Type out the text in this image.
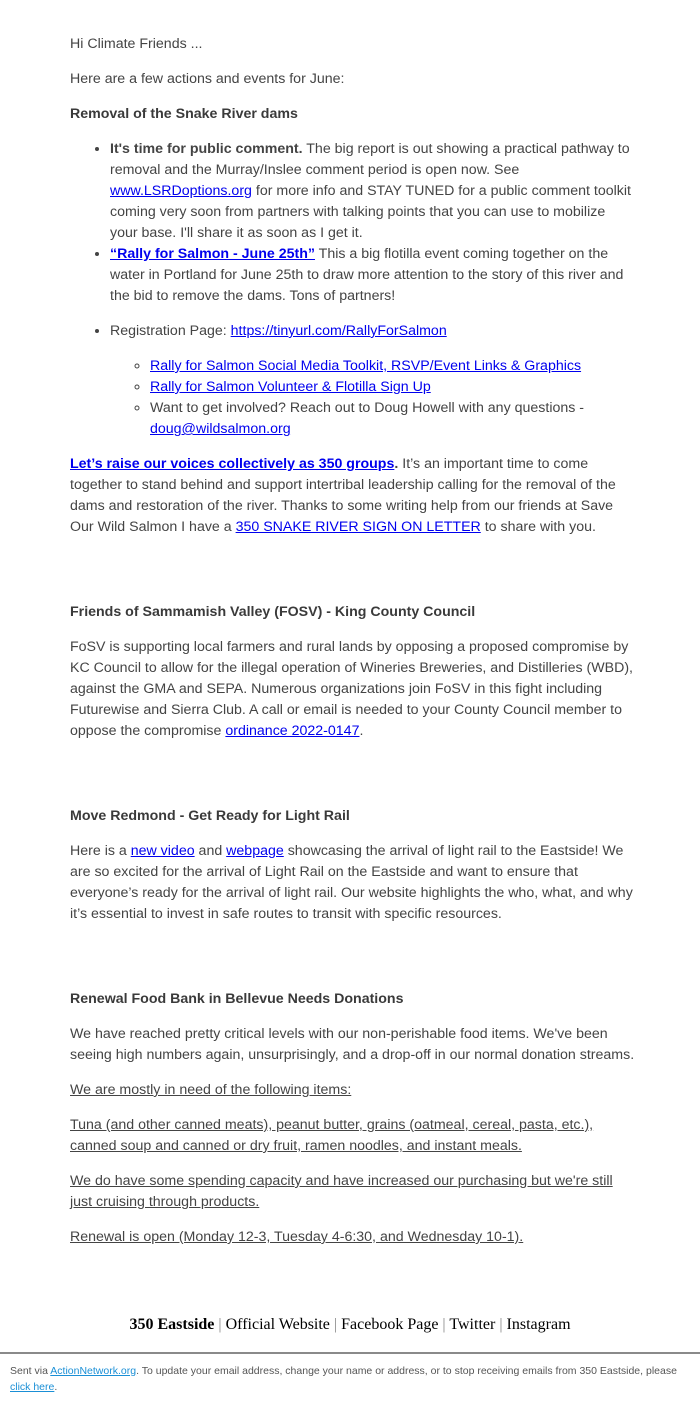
Hi Climate Friends ...

Here are a few actions and events for June:

Removal of the Snake River dams
• It's time for public comment. The big report is out showing a practical pathway to removal and the Murray/Inslee comment period is open now. See www.LSRDoptions.org for more info and STAY TUNED for a public comment toolkit coming very soon from partners with talking points that you can use to mobilize your base. I'll share it as soon as I get it.
• “Rally for Salmon - June 25th” This a big flotilla event coming together on the water in Portland for June 25th to draw more attention to the story of this river and the bid to remove the dams. Tons of partners!
• Registration Page: https://tinyurl.com/RallyForSalmon
◦ Rally for Salmon Social Media Toolkit, RSVP/Event Links & Graphics
◦ Rally for Salmon Volunteer & Flotilla Sign Up
◦ Want to get involved? Reach out to Doug Howell with any questions - doug@wildsalmon.org

Let’s raise our voices collectively as 350 groups. It’s an important time to come together to stand behind and support intertribal leadership calling for the removal of the dams and restoration of the river. Thanks to some writing help from our friends at Save Our Wild Salmon I have a 350 SNAKE RIVER SIGN ON LETTER to share with you.

Friends of Sammamish Valley (FOSV) - King County Council

FoSV is supporting local farmers and rural lands by opposing a proposed compromise by KC Council to allow for the illegal operation of Wineries Breweries, and Distilleries (WBD), against the GMA and SEPA. Numerous organizations join FoSV in this fight including Futurewise and Sierra Club. A call or email is needed to your County Council member to oppose the compromise ordinance 2022-0147.

Move Redmond - Get Ready for Light Rail

Here is a new video and webpage showcasing the arrival of light rail to the Eastside! We are so excited for the arrival of Light Rail on the Eastside and want to ensure that everyone’s ready for the arrival of light rail. Our website highlights the who, what, and why it’s essential to invest in safe routes to transit with specific resources.

Renewal Food Bank in Bellevue Needs Donations

We have reached pretty critical levels with our non-perishable food items. We've been seeing high numbers again, unsurprisingly, and a drop-off in our normal donation streams.

We are mostly in need of the following items:

Tuna (and other canned meats), peanut butter, grains (oatmeal, cereal, pasta, etc.), canned soup and canned or dry fruit, ramen noodles, and instant meals.

We do have some spending capacity and have increased our purchasing but we're still just cruising through products.

Renewal is open (Monday 12-3, Tuesday 4-6:30, and Wednesday 10-1).

350 Eastside | Official Website | Facebook Page | Twitter | Instagram
Sent via ActionNetwork.org. To update your email address, change your name or address, or to stop receiving emails from 350 Eastside, please click here.
